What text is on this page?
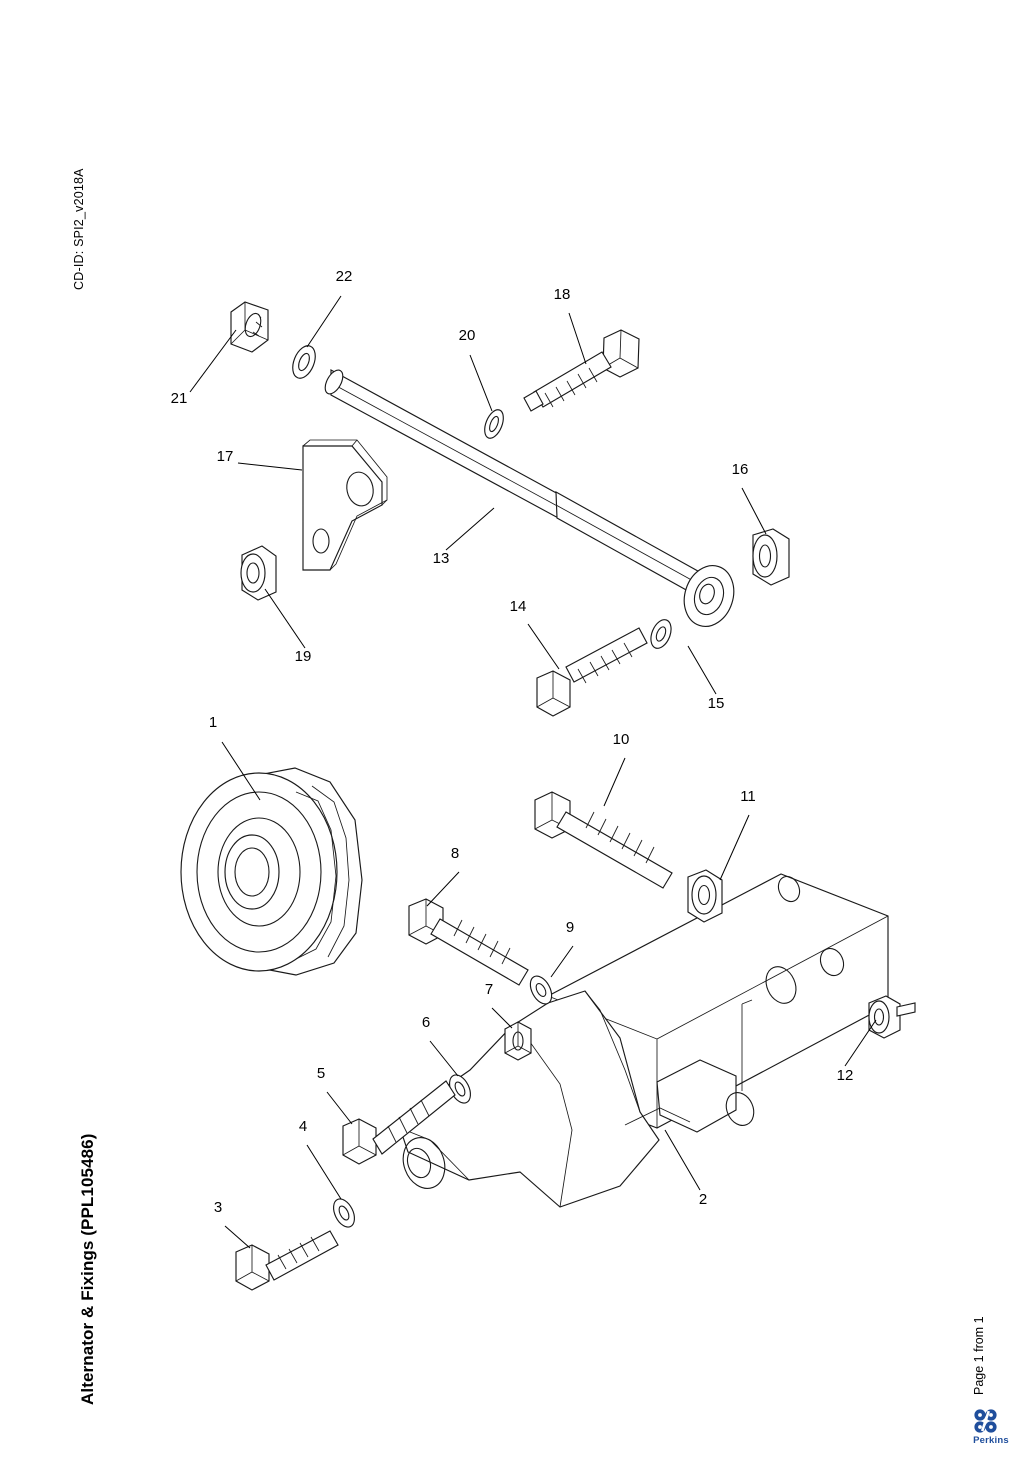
CD-ID: SPI2_v2018A
Alternator & Fixings (PPL105486)	Page 1 from 1
Perkins
1
2
3
4
5
6
7
8
9
10
11
12
13
14
15
16
17
18
19
20
21
22
